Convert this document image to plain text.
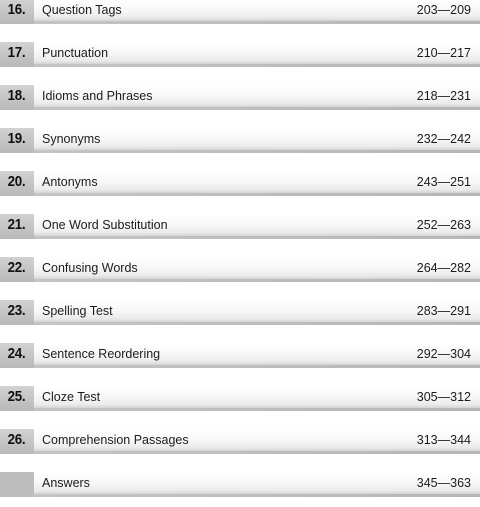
16.	Question Tags	203—209
17.	Punctuation	210—217
18.	Idioms and Phrases	218—231
19.	Synonyms	232—242
20.	Antonyms	243—251
21.	One Word Substitution	252—263
22.	Confusing Words	264—282
23.	Spelling Test	283—291
24.	Sentence Reordering	292—304
25.	Cloze Test	305—312
26.	Comprehension Passages	313—344
Answers	345—363
